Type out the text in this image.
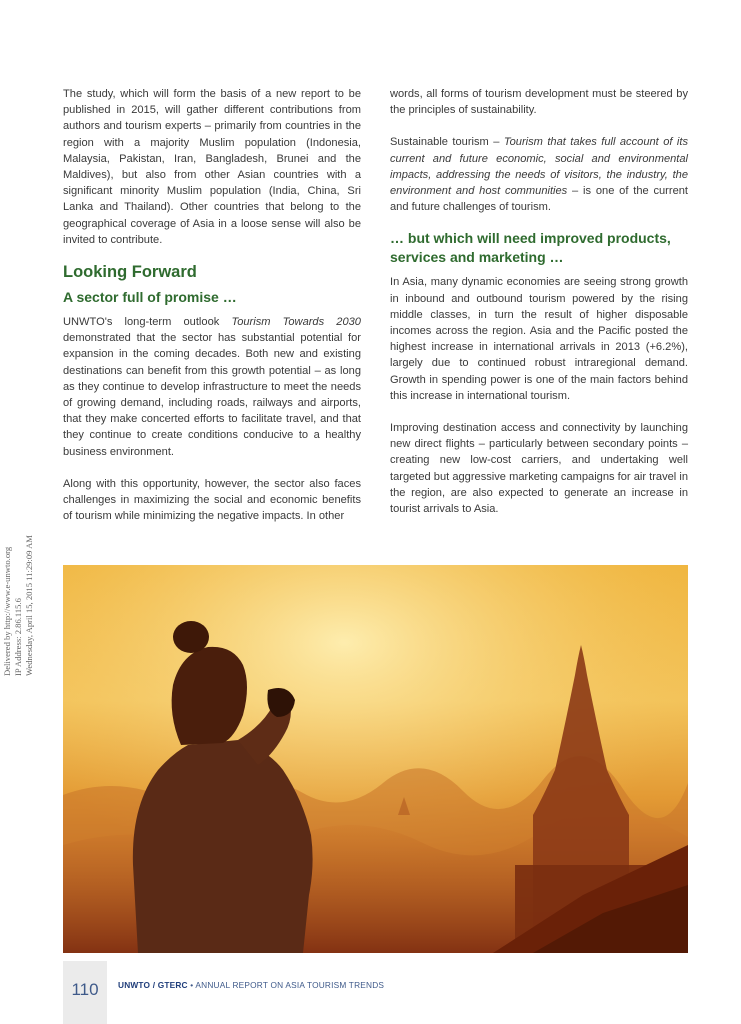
The study, which will form the basis of a new report to be published in 2015, will gather different contributions from authors and tourism experts – primarily from countries in the region with a majority Muslim population (Indonesia, Malaysia, Pakistan, Iran, Bangladesh, Brunei and the Maldives), but also from other Asian countries with a significant minority Muslim population (India, China, Sri Lanka and Thailand). Other countries that belong to the geographical coverage of Asia in a loose sense will also be invited to contribute.

Looking Forward
A sector full of promise …

UNWTO's long-term outlook Tourism Towards 2030 demonstrated that the sector has substantial potential for expansion in the coming decades. Both new and existing destinations can benefit from this growth potential – as long as they continue to develop infrastructure to meet the needs of growing demand, including roads, railways and airports, that they make concerted efforts to facilitate travel, and that they continue to create conditions conducive to a healthy business environment.

Along with this opportunity, however, the sector also faces challenges in maximizing the social and economic benefits of tourism while minimizing the negative impacts. In other

words, all forms of tourism development must be steered by the principles of sustainability.

Sustainable tourism – Tourism that takes full account of its current and future economic, social and environmental impacts, addressing the needs of visitors, the industry, the environment and host communities – is one of the current and future challenges of tourism.

… but which will need improved products, services and marketing …

In Asia, many dynamic economies are seeing strong growth in inbound and outbound tourism powered by the rising middle classes, in turn the result of higher disposable incomes across the region. Asia and the Pacific posted the highest increase in international arrivals in 2013 (+6.2%), largely due to continued robust intraregional demand. Growth in spending power is one of the main factors behind this increase in international tourism.

Improving destination access and connectivity by launching new direct flights – particularly between secondary points – creating new low-cost carriers, and undertaking well targeted but aggressive marketing campaigns for air travel in the region, are also expected to generate an increase in tourist arrivals to Asia.

Delivered by http://www.e-unwto.org IP Address: 2.86.115.6 Wednesday, April 15, 2015 11:29:09 AM
110	UNWTO / GTERC • ANNUAL REPORT ON ASIA TOURISM TRENDS
